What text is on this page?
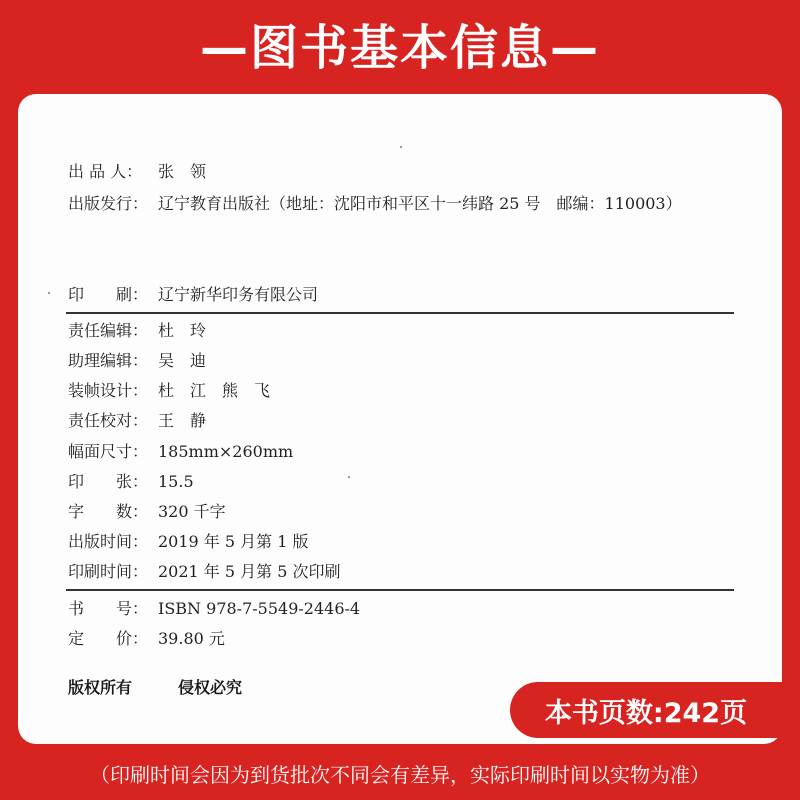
—图书基本信息—
出 品 人： 张　领
出版发行： 辽宁教育出版社（地址：沈阳市和平区十一纬路 25 号　邮编：110003）
印　　刷： 辽宁新华印务有限公司
责任编辑： 杜　玲
助理编辑： 吴　迪
装帧设计： 杜　江　熊　飞
责任校对： 王　静
幅面尺寸： 185mm×260mm
印　　张： 15.5
字　　数： 320 千字
出版时间： 2019 年 5 月第 1 版
印刷时间： 2021 年 5 月第 5 次印刷
书　　号： ISBN 978-7-5549-2446-4
定　　价： 39.80 元
版权所有	侵权必究
本书页数:242页
（印刷时间会因为到货批次不同会有差异，实际印刷时间以实物为准）
